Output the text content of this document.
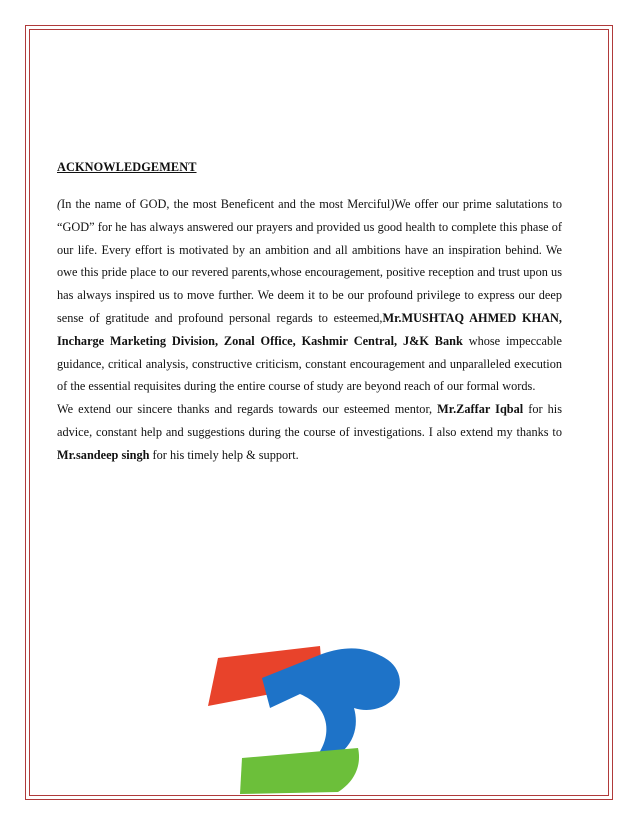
ACKNOWLEDGEMENT

(In the name of GOD, the most Beneficent and the most Merciful)We offer our prime salutations to “GOD” for he has always answered our prayers and provided us good health to complete this phase of our life. Every effort is motivated by an ambition and all ambitions have an inspiration behind. We owe this pride place to our revered parents,whose encouragement, positive reception and trust upon us has always inspired us to move further. We deem it to be our profound privilege to express our deep sense of gratitude and profound personal regards to esteemed,Mr.MUSHTAQ AHMED KHAN, Incharge Marketing Division, Zonal Office, Kashmir Central, J&K Bank whose impeccable guidance, critical analysis, constructive criticism, constant encouragement and unparalleled execution of the essential requisites during the entire course of study are beyond reach of our formal words.

We extend our sincere thanks and regards towards our esteemed mentor, Mr.Zaffar Iqbal for his advice, constant help and suggestions during the course of investigations. I also extend my thanks to Mr.sandeep singh for his timely help & support.
